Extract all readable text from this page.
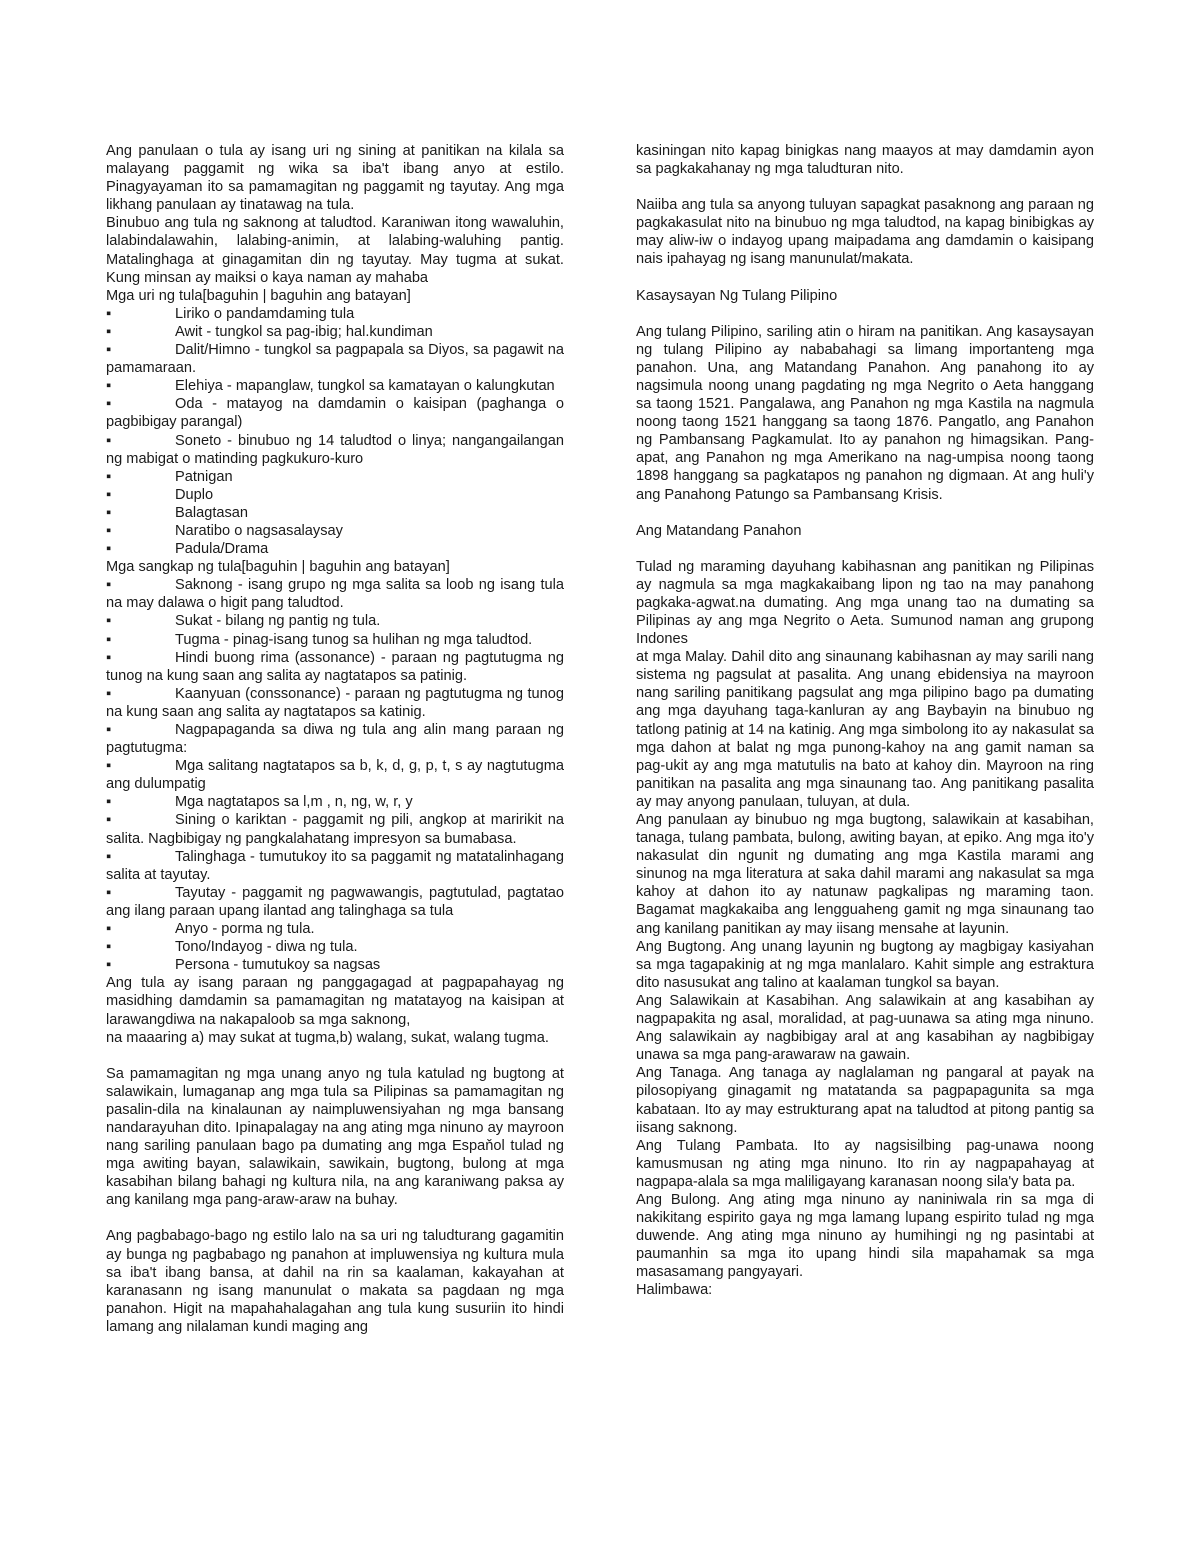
Ang panulaan o tula ay isang uri ng sining at panitikan na kilala sa malayang paggamit ng wika sa iba't ibang anyo at estilo. Pinagyayaman ito sa pamamagitan ng paggamit ng tayutay. Ang mga likhang panulaan ay tinatawag na tula.

Binubuo ang tula ng saknong at taludtod. Karaniwan itong wawaluhin, lalabindalawahin, lalabing-animin, at lalabing-waluhing pantig. Matalinghaga at ginagamitan din ng tayutay. May tugma at sukat. Kung minsan ay maiksi o kaya naman ay mahaba

Mga uri ng tula[baguhin | baguhin ang batayan]

▪	Liriko o pandamdaming tula
▪	Awit - tungkol sa pag-ibig; hal.kundiman
▪	Dalit/Himno - tungkol sa pagpapala sa Diyos, sa pagawit na pamamaraan.
▪	Elehiya - mapanglaw, tungkol sa kamatayan o kalungkutan
▪	Oda - matayog na damdamin o kaisipan (paghanga o pagbibigay parangal)
▪	Soneto - binubuo ng 14 taludtod o linya; nangangailangan ng mabigat o matinding pagkukuro-kuro
▪	Patnigan
▪	Duplo
▪	Balagtasan
▪	Naratibo o nagsasalaysay
▪	Padula/Drama

Mga sangkap ng tula[baguhin | baguhin ang batayan]

▪	Saknong - isang grupo ng mga salita sa loob ng isang tula na may dalawa o higit pang taludtod.
▪	Sukat - bilang ng pantig ng tula.
▪	Tugma - pinag-isang tunog sa hulihan ng mga taludtod.
▪	Hindi buong rima (assonance) - paraan ng pagtutugma ng tunog na kung saan ang salita ay nagtatapos sa patinig.
▪	Kaanyuan (conssonance) - paraan ng pagtutugma ng tunog na kung saan ang salita ay nagtatapos sa katinig.
▪	Nagpapaganda sa diwa ng tula ang alin mang paraan ng pagtutugma:
▪	Mga salitang nagtatapos sa b, k, d, g, p, t, s ay nagtutugma ang dulumpatig
▪	Mga nagtatapos sa l,m , n, ng, w, r, y
▪	Sining o kariktan - paggamit ng pili, angkop at maririkit na salita. Nagbibigay ng pangkalahatang impresyon sa bumabasa.
▪	Talinghaga - tumutukoy ito sa paggamit ng matatalinhagang salita at tayutay.
▪	Tayutay - paggamit ng pagwawangis, pagtutulad, pagtatao ang ilang paraan upang ilantad ang talinghaga sa tula
▪	Anyo - porma ng tula.
▪	Tono/Indayog - diwa ng tula.
▪	Persona - tumutukoy sa nagsas

Ang tula ay isang paraan ng panggagagad at pagpapahayag ng masidhing damdamin sa pamamagitan ng matatayog na kaisipan at larawangdiwa na nakapaloob sa mga saknong,

na maaaring a) may sukat at tugma,b) walang, sukat, walang tugma.

Sa pamamagitan ng mga unang anyo ng tula katulad ng bugtong at salawikain, lumaganap ang mga tula sa Pilipinas sa pamamagitan ng pasalin-dila na kinalaunan ay naimpluwensiyahan ng mga bansang nandarayuhan dito. Ipinapalagay na ang ating mga ninuno ay mayroon nang sariling panulaan bago pa dumating ang mga Espaňol tulad ng mga awiting bayan, salawikain, sawikain, bugtong, bulong at mga kasabihan bilang bahagi ng kultura nila, na ang karaniwang paksa ay ang kanilang mga pang-araw-araw na buhay.

Ang pagbabago-bago ng estilo lalo na sa uri ng taludturang gagamitin ay bunga ng pagbabago ng panahon at impluwensiya ng kultura mula sa iba't ibang bansa, at dahil na rin sa kaalaman, kakayahan at karanasann ng isang manunulat o makata sa pagdaan ng mga panahon. Higit na mapahahalagahan ang tula kung susuriin ito hindi lamang ang nilalaman kundi maging ang

kasiningan nito kapag binigkas nang maayos at may damdamin ayon sa pagkakahanay ng mga taludturan nito.

Naiiba ang tula sa anyong tuluyan sapagkat pasaknong ang paraan ng pagkakasulat nito na binubuo ng mga taludtod, na kapag binibigkas ay may aliw-iw o indayog upang maipadama ang damdamin o kaisipang nais ipahayag ng isang manunulat/makata.

Kasaysayan Ng Tulang Pilipino

Ang tulang Pilipino, sariling atin o hiram na panitikan. Ang kasaysayan ng tulang Pilipino ay nababahagi sa limang importanteng mga panahon. Una, ang Matandang Panahon. Ang panahong ito ay nagsimula noong unang pagdating ng mga Negrito o Aeta hanggang sa taong 1521. Pangalawa, ang Panahon ng mga Kastila na nagmula noong taong 1521 hanggang sa taong 1876. Pangatlo, ang Panahon ng Pambansang Pagkamulat. Ito ay panahon ng himagsikan. Pang-apat, ang Panahon ng mga Amerikano na nag-umpisa noong taong 1898 hanggang sa pagkatapos ng panahon ng digmaan. At ang huli'y ang Panahong Patungo sa Pambansang Krisis.

Ang Matandang Panahon

Tulad ng maraming dayuhang kabihasnan ang panitikan ng Pilipinas ay nagmula sa mga magkakaibang lipon ng tao na may panahong pagkaka-agwat.na dumating. Ang mga unang tao na dumating sa Pilipinas ay ang mga Negrito o Aeta. Sumunod naman ang grupong Indones

at mga Malay. Dahil dito ang sinaunang kabihasnan ay may sarili nang sistema ng pagsulat at pasalita. Ang unang ebidensiya na mayroon nang sariling panitikang pagsulat ang mga pilipino bago pa dumating ang mga dayuhang taga-kanluran ay ang Baybayin na binubuo ng tatlong patinig at 14 na katinig. Ang mga simbolong ito ay nakasulat sa mga dahon at balat ng mga punong-kahoy na ang gamit naman sa pag-ukit ay ang mga matutulis na bato at kahoy din. Mayroon na ring panitikan na pasalita ang mga sinaunang tao. Ang panitikang pasalita ay may anyong panulaan, tuluyan, at dula.

Ang panulaan ay binubuo ng mga bugtong, salawikain at kasabihan, tanaga, tulang pambata, bulong, awiting bayan, at epiko. Ang mga ito'y nakasulat din ngunit ng dumating ang mga Kastila marami ang sinunog na mga literatura at saka dahil marami ang nakasulat sa mga kahoy at dahon ito ay natunaw pagkalipas ng maraming taon. Bagamat magkakaiba ang lengguaheng gamit ng mga sinaunang tao ang kanilang panitikan ay may iisang mensahe at layunin.

Ang Bugtong. Ang unang layunin ng bugtong ay magbigay kasiyahan sa mga tagapakinig at ng mga manlalaro. Kahit simple ang estraktura dito nasusukat ang talino at kaalaman tungkol sa bayan.

Ang Salawikain at Kasabihan. Ang salawikain at ang kasabihan ay nagpapakita ng asal, moralidad, at pag-uunawa sa ating mga ninuno. Ang salawikain ay nagbibigay aral at ang kasabihan ay nagbibigay unawa sa mga pang-arawaraw na gawain.

Ang Tanaga. Ang tanaga ay naglalaman ng pangaral at payak na pilosopiyang ginagamit ng matatanda sa pagpapagunita sa mga kabataan. Ito ay may estrukturang apat na taludtod at pitong pantig sa iisang saknong.

Ang Tulang Pambata. Ito ay nagsisilbing pag-unawa noong kamusmusan ng ating mga ninuno. Ito rin ay nagpapahayag at nagpapa-alala sa mga maliligayang karanasan noong sila'y bata pa.

Ang Bulong. Ang ating mga ninuno ay naniniwala rin sa mga di nakikitang espirito gaya ng mga lamang lupang espirito tulad ng mga duwende. Ang ating mga ninuno ay humihingi ng ng pasintabi at paumanhin sa mga ito upang hindi sila mapahamak sa mga masasamang pangyayari.

Halimbawa:
